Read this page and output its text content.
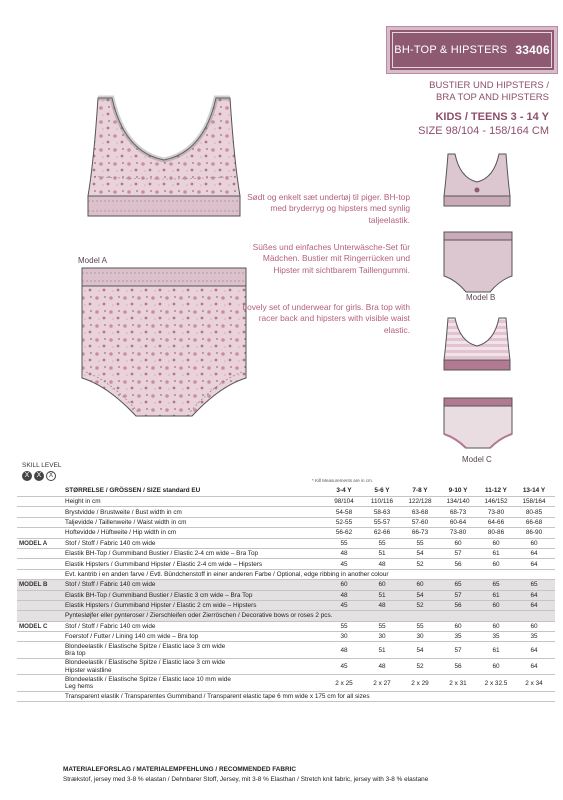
BH-TOP & HIPSTERS 33406
BUSTIER UND HIPSTERS /
BRA TOP AND HIPSTERS
KIDS / TEENS 3 - 14 Y
SIZE 98/104 - 158/164 CM
Model A
Sødt og enkelt sæt undertøj til piger. BH-top med bryderryg og hipsters med synlig taljeelastik.
Süßes und einfaches Unterwäsche-Set für Mädchen. Bustier mit Ringerrücken und Hipster mit sichtbarem Taillengummi.
Lovely set of underwear for girls. Bra top with racer back and hipsters with visible waist elastic.
Model B
Model C
SKILL LEVEL
X	X	X
* Kill Measurements are in cm.
STØRRELSE / GRÖSSEN / SIZE standard EU	3-4 Y	5-6 Y	7-8 Y	9-10 Y	11-12 Y	13-14 Y
Height in cm	98/104	110/116	122/128	134/140	146/152	158/164
Brystvidde / Brustweite / Bust width in cm	54-58	58-63	63-68	68-73	73-80	80-85
Taljevidde / Taillenweite / Waist width in cm	52-55	55-57	57-60	60-64	64-66	66-68
Hoftevidde / Hüftweite / Hip width in cm	56-62	62-66	66-73	73-80	80-86	86-90
MODEL A	Stof / Stoff / Fabric 140 cm wide	55	55	55	60	60	60
Elastik BH-Top / Gummiband Bustier / Elastic 2-4 cm wide – Bra Top	48	51	54	57	61	64
Elastik Hipsters / Gummiband Hipster / Elastic 2-4 cm wide – Hipsters	45	48	52	56	60	64
Evt. kantrib i en anden farve / Evtl. Bündchenstoff in einer anderen Farbe / Optional, edge ribbing in another colour
MODEL B	Stof / Stoff / Fabric 140 cm wide	60	60	60	65	65	65
Elastik BH-Top / Gummiband Bustier / Elastic 3 cm wide – Bra Top	48	51	54	57	61	64
Elastik Hipsters / Gummiband Hipster / Elastic 2 cm wide – Hipsters	45	48	52	56	60	64
Pyntesløjfer eller pynteroser / Zierschleifen oder Zierröschen / Decorative bows or roses 2 pcs.
MODEL C	Stof / Stoff / Fabric 140 cm wide	55	55	55	60	60	60
Foerstof / Futter / Lining 140 cm wide – Bra top	30	30	30	35	35	35
Blondeelastik / Elastische Spitze / Elastic lace 3 cm wide
Bra top	48	51	54	57	61	64
Blondeelastik / Elastische Spitze / Elastic lace 3 cm wide
Hipster waistline	45	48	52	56	60	64
Blondeelastik / Elastische Spitze / Elastic lace 10 mm wide
Leg hems	2 x 25	2 x 27	2 x 29	2 x 31	2 x 32.5	2 x 34
Transparent elastik / Transparentes Gummiband / Transparent elastic tape 6 mm wide x 175 cm for all sizes
MATERIALEFORSLAG / MATERIALEMPFEHLUNG / RECOMMENDED FABRIC
Strækstof, jersey med 3-8 % elastan / Dehnbarer Stoff, Jersey, mit 3-8 % Elasthan / Stretch knit fabric, jersey with 3-8 % elastane
